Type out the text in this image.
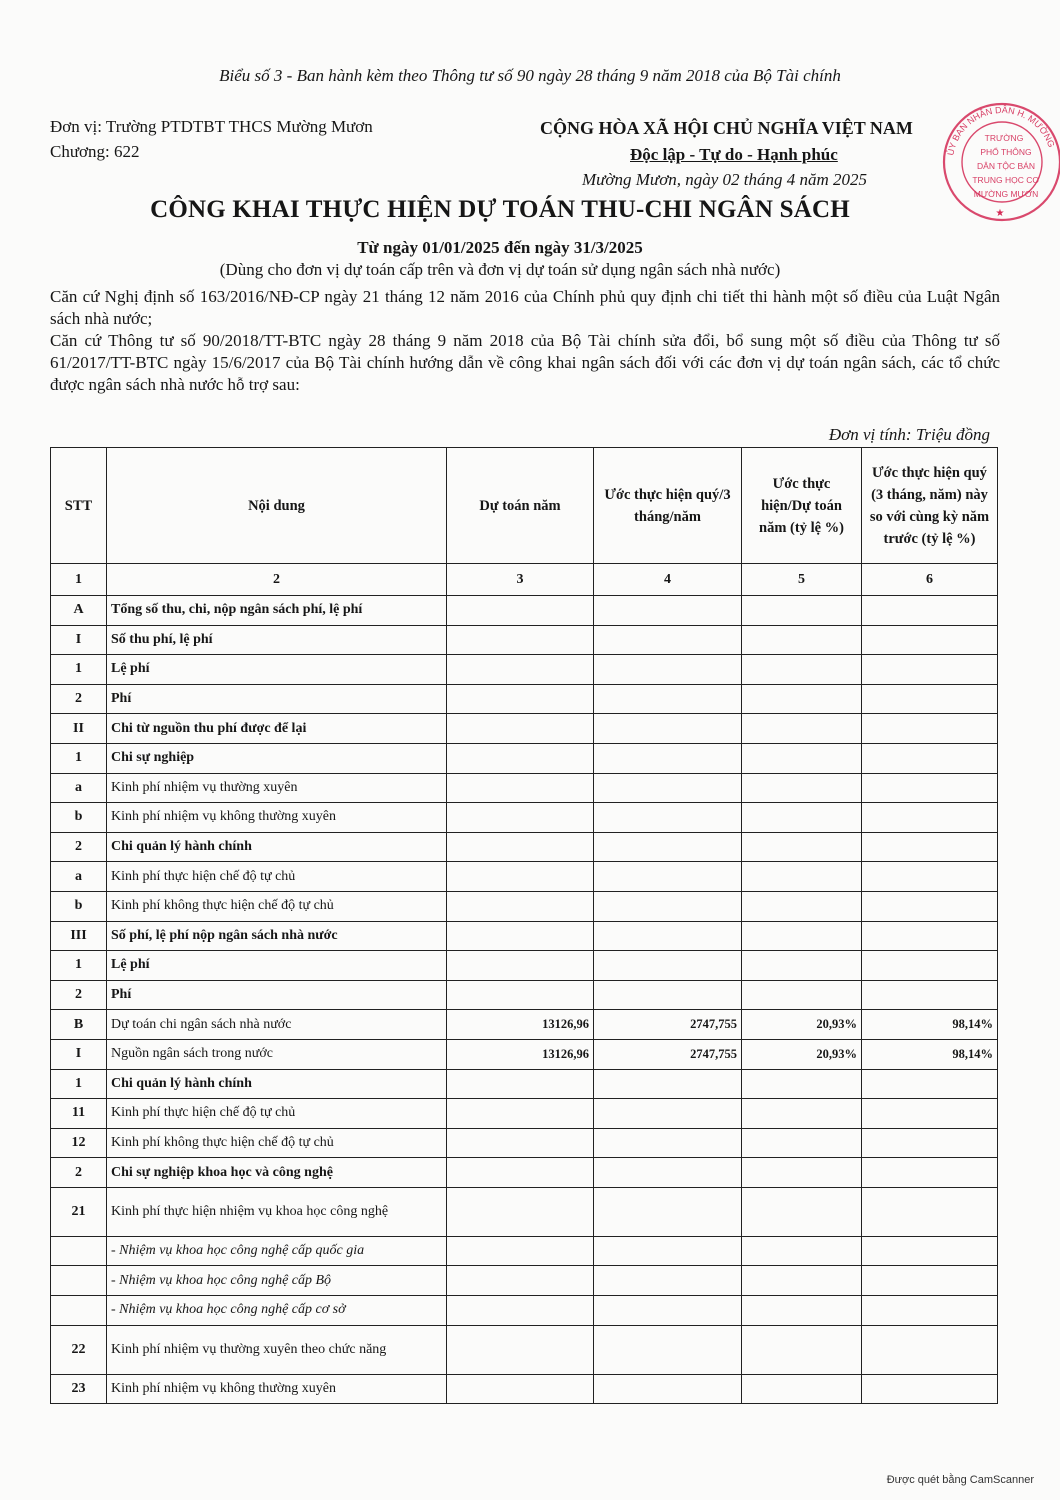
Biểu số 3 - Ban hành kèm theo Thông tư số 90 ngày 28 tháng 9 năm 2018 của Bộ Tài chính
Đơn vị: Trường PTDTBT THCS Mường Mươn
Chương: 622
CỘNG HÒA XÃ HỘI CHỦ NGHĨA VIỆT NAM
Độc lập - Tự do - Hạnh phúc
Mường Mươn, ngày 02 tháng 4 năm 2025
CÔNG KHAI THỰC HIỆN DỰ TOÁN THU-CHI NGÂN SÁCH
Từ ngày 01/01/2025 đến ngày 31/3/2025
(Dùng cho đơn vị dự toán cấp trên và đơn vị dự toán sử dụng ngân sách nhà nước)
Căn cứ Nghị định số 163/2016/NĐ-CP ngày 21 tháng 12 năm 2016 của Chính phủ quy định chi tiết thi hành một số điều của Luật Ngân sách nhà nước;
Căn cứ Thông tư số 90/2018/TT-BTC ngày 28 tháng 9 năm 2018 của Bộ Tài chính sửa đổi, bổ sung một số điều của Thông tư số 61/2017/TT-BTC ngày 15/6/2017 của Bộ Tài chính hướng dẫn về công khai ngân sách đối với các đơn vị dự toán ngân sách, các tổ chức được ngân sách nhà nước hỗ trợ sau:
Đơn vị tính: Triệu đồng
STT	Nội dung	Dự toán năm	Ước thực hiện quý/3 tháng/năm	Ước thực hiện/Dự toán năm (tỷ lệ %)	Ước thực hiện quý (3 tháng, năm) này so với cùng kỳ năm trước (tỷ lệ %)
1	2	3	4	5	6
A	Tổng số thu, chi, nộp ngân sách phí, lệ phí				
I	Số thu phí, lệ phí				
1	Lệ phí				
2	Phí				
II	Chi từ nguồn thu phí được để lại				
1	Chi sự nghiệp				
a	Kinh phí nhiệm vụ thường xuyên				
b	Kinh phí nhiệm vụ không thường xuyên				
2	Chi quản lý hành chính				
a	Kinh phí thực hiện chế độ tự chủ				
b	Kinh phí không thực hiện chế độ tự chủ				
III	Số phí, lệ phí nộp ngân sách nhà nước				
1	Lệ phí				
2	Phí				
B	Dự toán chi ngân sách nhà nước	13126,96	2747,755	20,93%	98,14%
I	Nguồn ngân sách trong nước	13126,96	2747,755	20,93%	98,14%
1	Chi quản lý hành chính				
11	Kinh phí thực hiện chế độ tự chủ				
12	Kinh phí không thực hiện chế độ tự chủ				
2	Chi sự nghiệp khoa học và công nghệ				
21	Kinh phí thực hiện nhiệm vụ khoa học công nghệ				
	- Nhiệm vụ khoa học công nghệ cấp quốc gia				
	- Nhiệm vụ khoa học công nghệ cấp Bộ				
	- Nhiệm vụ khoa học công nghệ cấp cơ sở				
22	Kinh phí nhiệm vụ thường xuyên theo chức năng				
23	Kinh phí nhiệm vụ không thường xuyên				
ỦY BAN NHÂN DÂN H. MƯỜNG
TRƯỜNG
PHỔ THÔNG
DÂN TỘC BÁN
TRUNG HỌC CƠ
MƯỜNG MƯƠN
★
Được quét bằng CamScanner
